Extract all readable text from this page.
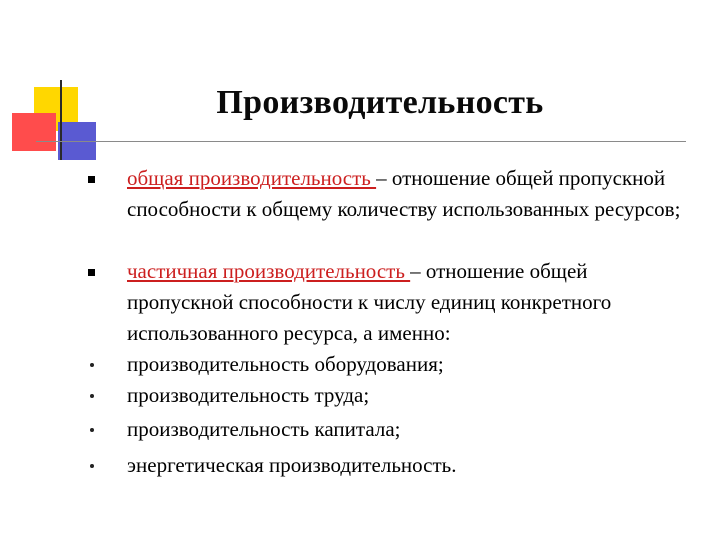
Производительность
общая производительность – отношение общей пропускной способности к общему количеству использованных ресурсов;
частичная производительность – отношение общей пропускной способности к числу единиц конкретного использованного ресурса, а именно:
производительность оборудования;
производительность труда;
производительность капитала;
энергетическая производительность.
